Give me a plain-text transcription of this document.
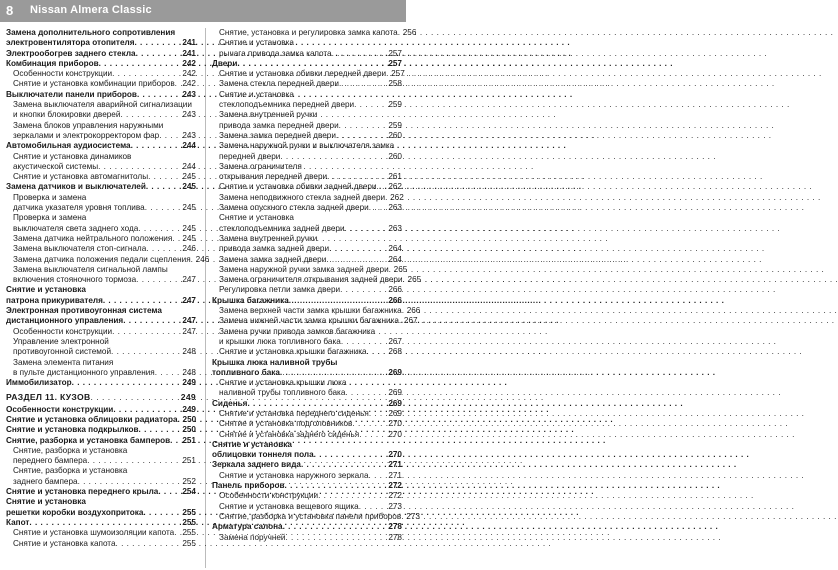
8 Nissan Almera Classic
Замена дополнительного сопротивления
электровентилятора отопителя . . .	241
Электрообогрев заднего стекла . . .	241
Комбинация приборов . . .	242
Особенности конструкции . . .	242
Снятие и установка комбинации приборов . . . 242
Выключатели панели приборов . . .	243
Замена выключателя аварийной сигнализации
и кнопки блокировки дверей . . .	243
Замена блоков управления наружными
зеркалами и электрокорректором фар . . .	243
Автомобильная аудиосистема . . .	244
Снятие и установка динамиков
акустической системы . . .	244
Снятие и установка автомагнитолы . . .	245
Замена датчиков и выключателей . . .	245
Проверка и замена
датчика указателя уровня топлива . . .	245
Проверка и замена
выключателя света заднего хода . . .	245
Замена датчика нейтрального положения . . . 245
Замена выключателя стоп-сигнала . . .	246
Замена датчика положения педали сцепления . . . 246
Замена выключателя сигнальной лампы
включения стояночного тормоза . . .	247
Снятие и установка
патрона прикуривателя . . .	247
Электронная противоугонная система
дистанционного управления . . .	247
Особенности конструкции . . .	247
Управление электронной
противоугонной системой . . .	248
Замена элемента питания
в пульте дистанционного управления . . .	248
Иммобилизатор . . .	249
РАЗДЕЛ 11. КУЗОВ . . .	249
Особенности конструкции . . .	249
Снятие и установка облицовки радиатора . . . 250
Снятие и установка подкрылков . . .	250
Снятие, разборка и установка бамперов . . . 251
Снятие, разборка и установка
переднего бампера . . .	251
Снятие, разборка и установка
заднего бампера . . .	252
Снятие и установка переднего крыла . . .	254
Снятие и установка
решетки коробки воздухопритока . . .	255
Капот . . .	255
Снятие и установка шумоизоляции капота . . . 255
Снятие и установка капота . . .	255
Снятие, установка и регулировка замка капота . . . 256
Снятие и установка
рычага привода замка капота . . .	257
Двери . . .	257
Снятие и установка обивки передней двери . . . 257
Замена стекла передней двери . . .	258
Снятие и установка
стеклоподъемника передней двери . . .	259
Замена внутренней ручки
привода замка передней двери . . .	259
Замена замка передней двери . . .	260
Замена наружной ручки и выключателя замка
передней двери . . .	260
Замена ограничителя
открывания передней двери . . .	261
Снятие и установка обивки задней двери . . . 262
Замена неподвижного стекла задней двери . . . 262
Замена опускного стекла задней двери . . . 263
Снятие и установка
стеклоподъемника задней двери . . .	263
Замена внутренней ручки
привода замка задней двери . . .	264
Замена замка задней двери . . .	264
Замена наружной ручки замка задней двери . . . 265
Замена ограничителя открывания задней двери . . . 265
Регулировка петли замка двери . . .	266
Крышка багажника . . .	266
Замена верхней части замка крышки багажника . . . 266
Замена нижней части замка крышки багажника . . . 267
Замена ручки привода замков багажника
и крышки люка топливного бака . . .	267
Снятие и установка крышки багажника . . .	268
Крышка люка наливной трубы
топливного бака . . .	269
Снятие и установка крышки люка
наливной трубы топливного бака . . .	269
Сиденья . . .	269
Снятие и установка переднего сиденья . . . 269
Снятие и установка подголовников . . .	270
Снятие и установка заднего сиденья . . .	270
Снятие и установка
облицовки тоннеля пола . . .	270
Зеркала заднего вида . . .	271
Снятие и установка наружного зеркала . . . 271
Панель приборов . . .	272
Особенности конструкции . . .	272
Снятие и установка вещевого ящика . . .	273
Снятие, разборка и установка панели приборов . . . 273
Арматура салона . . .	278
Замена поручней . . .	278
